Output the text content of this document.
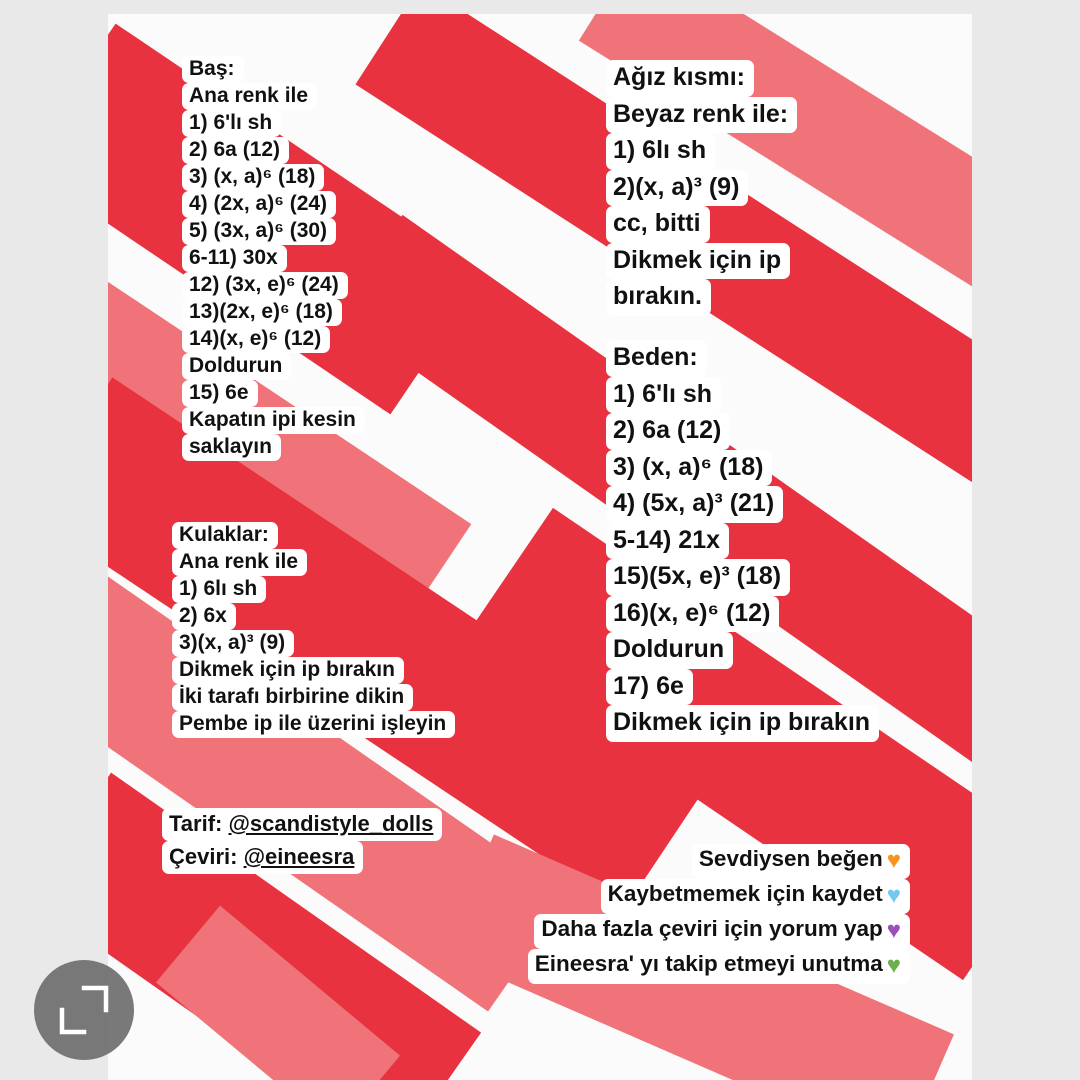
Baş:
Ana renk ile
1) 6'lı sh
2) 6a (12)
3) (x, a)⁶ (18)
4) (2x, a)⁶ (24)
5) (3x, a)⁶ (30)
6-11) 30x
12) (3x, e)⁶ (24)
13)(2x, e)⁶ (18)
14)(x, e)⁶ (12)
Doldurun
15) 6e
Kapatın ipi kesin
saklayın
Kulaklar:
Ana renk ile
1) 6lı sh
2) 6x
3)(x, a)³ (9)
Dikmek için ip bırakın
İki tarafı birbirine dikin
Pembe ip ile üzerini işleyin
Ağız kısmı:
Beyaz renk ile:
1) 6lı sh
2)(x, a)³ (9)
cc, bitti
Dikmek için ip
bırakın.
Beden:
1) 6'lı sh
2) 6a (12)
3) (x, a)⁶ (18)
4) (5x, a)³ (21)
5-14) 21x
15)(5x, e)³ (18)
16)(x, e)⁶ (12)
Doldurun
17) 6e
Dikmek için ip bırakın
Tarif: @scandistyle_dolls
Çeviri: @eineesra	Sevdiysen beğen ♥
Kaybetmemek için kaydet ♥
Daha fazla çeviri için yorum yap ♥
Eineesra' yı takip etmeyi unutma ♥
